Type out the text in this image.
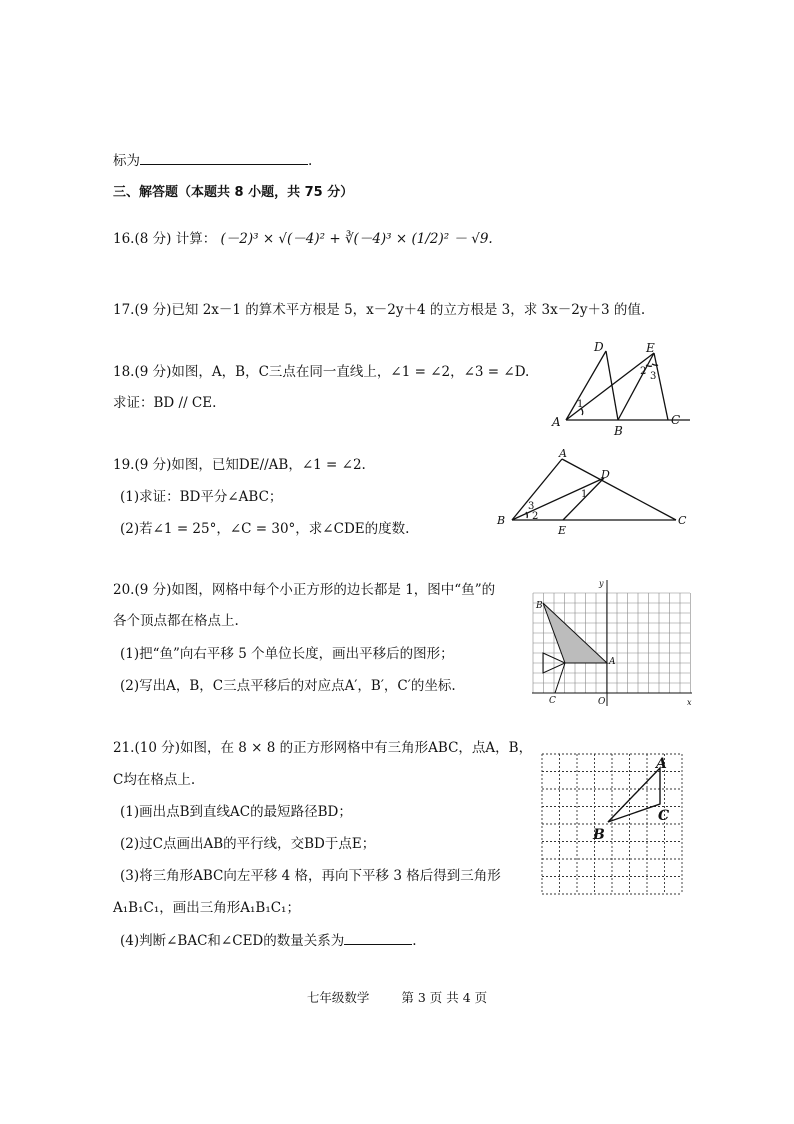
标为	.
三、解答题（本题共 8 小题，共 75 分）
16.(8 分) 计算： (－2)³ × √(－4)² + ∛(－4)³ × (1/2)² － √9.
17.(9 分)已知 2x－1 的算术平方根是 5，x－2y＋4 的立方根是 3，求 3x－2y＋3 的值.
18.(9 分)如图，A，B，C三点在同一直线上，∠1 = ∠2，∠3 = ∠D.
求证：BD // CE.
A
B
C
D	E
1
2 3
19.(9 分)如图，已知DE//AB，∠1 = ∠2.
(1)求证：BD平分∠ABC；
(2)若∠1 = 25°，∠C = 30°，求∠CDE的度数.
A
B	C
D
E
1
2
3
20.(9 分)如图，网格中每个小正方形的边长都是 1，图中“鱼”的
各个顶点都在格点上.
(1)把“鱼”向右平移 5 个单位长度，画出平移后的图形；
(2)写出A，B，C三点平移后的对应点A′，B′，C′的坐标.
B
A
C	O	x
y
21.(10 分)如图，在 8 × 8 的正方形网格中有三角形ABC，点A，B，
C均在格点上.
(1)画出点B到直线AC的最短路径BD；
(2)过C点画出AB的平行线，交BD于点E；
(3)将三角形ABC向左平移 4 格，再向下平移 3 格后得到三角形
A₁B₁C₁，画出三角形A₁B₁C₁；
(4)判断∠BAC和∠CED的数量关系为	.
A
B
C
七年级数学	第 3 页 共 4 页
